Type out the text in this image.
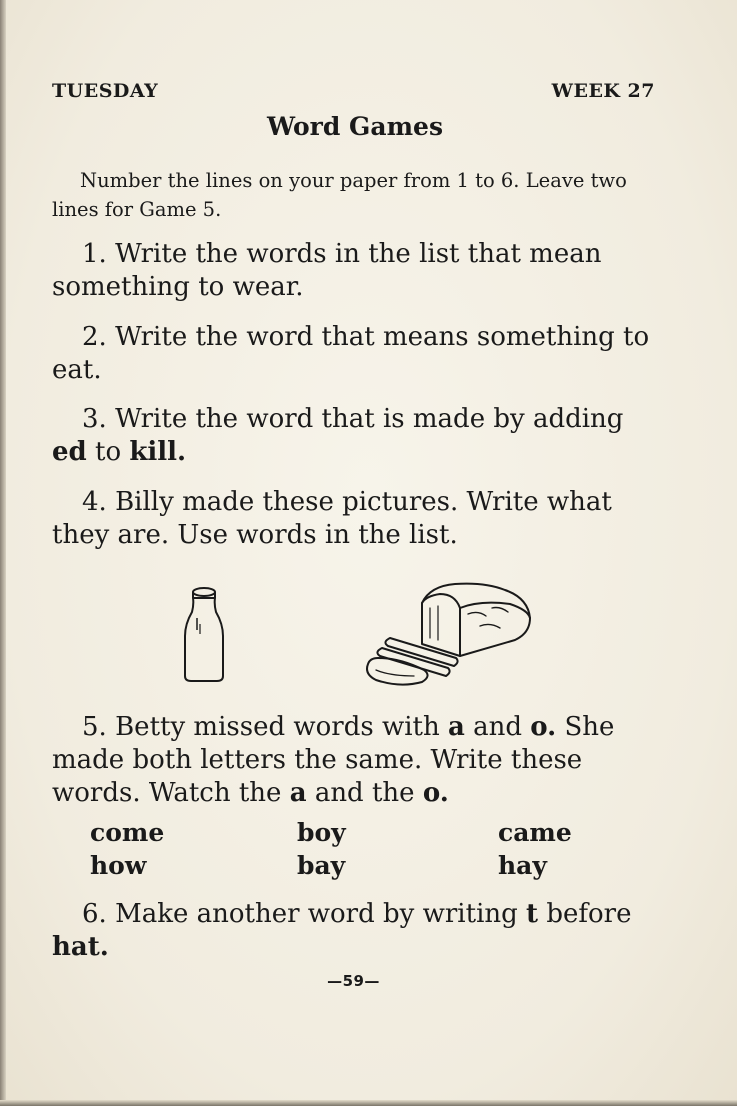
TUESDAY	WEEK 27
Word Games
Number the lines on your paper from 1 to 6. Leave two lines for Game 5.
1. Write the words in the list that mean something to wear.
2. Write the word that means something to eat.
3. Write the word that is made by adding ed to kill.
4. Billy made these pictures. Write what they are. Use words in the list.
5. Betty missed words with a and o. She made both letters the same. Write these words. Watch the a and the o.
come	boy	came
how	bay	hay
6. Make another word by writing t before hat.
—59—
